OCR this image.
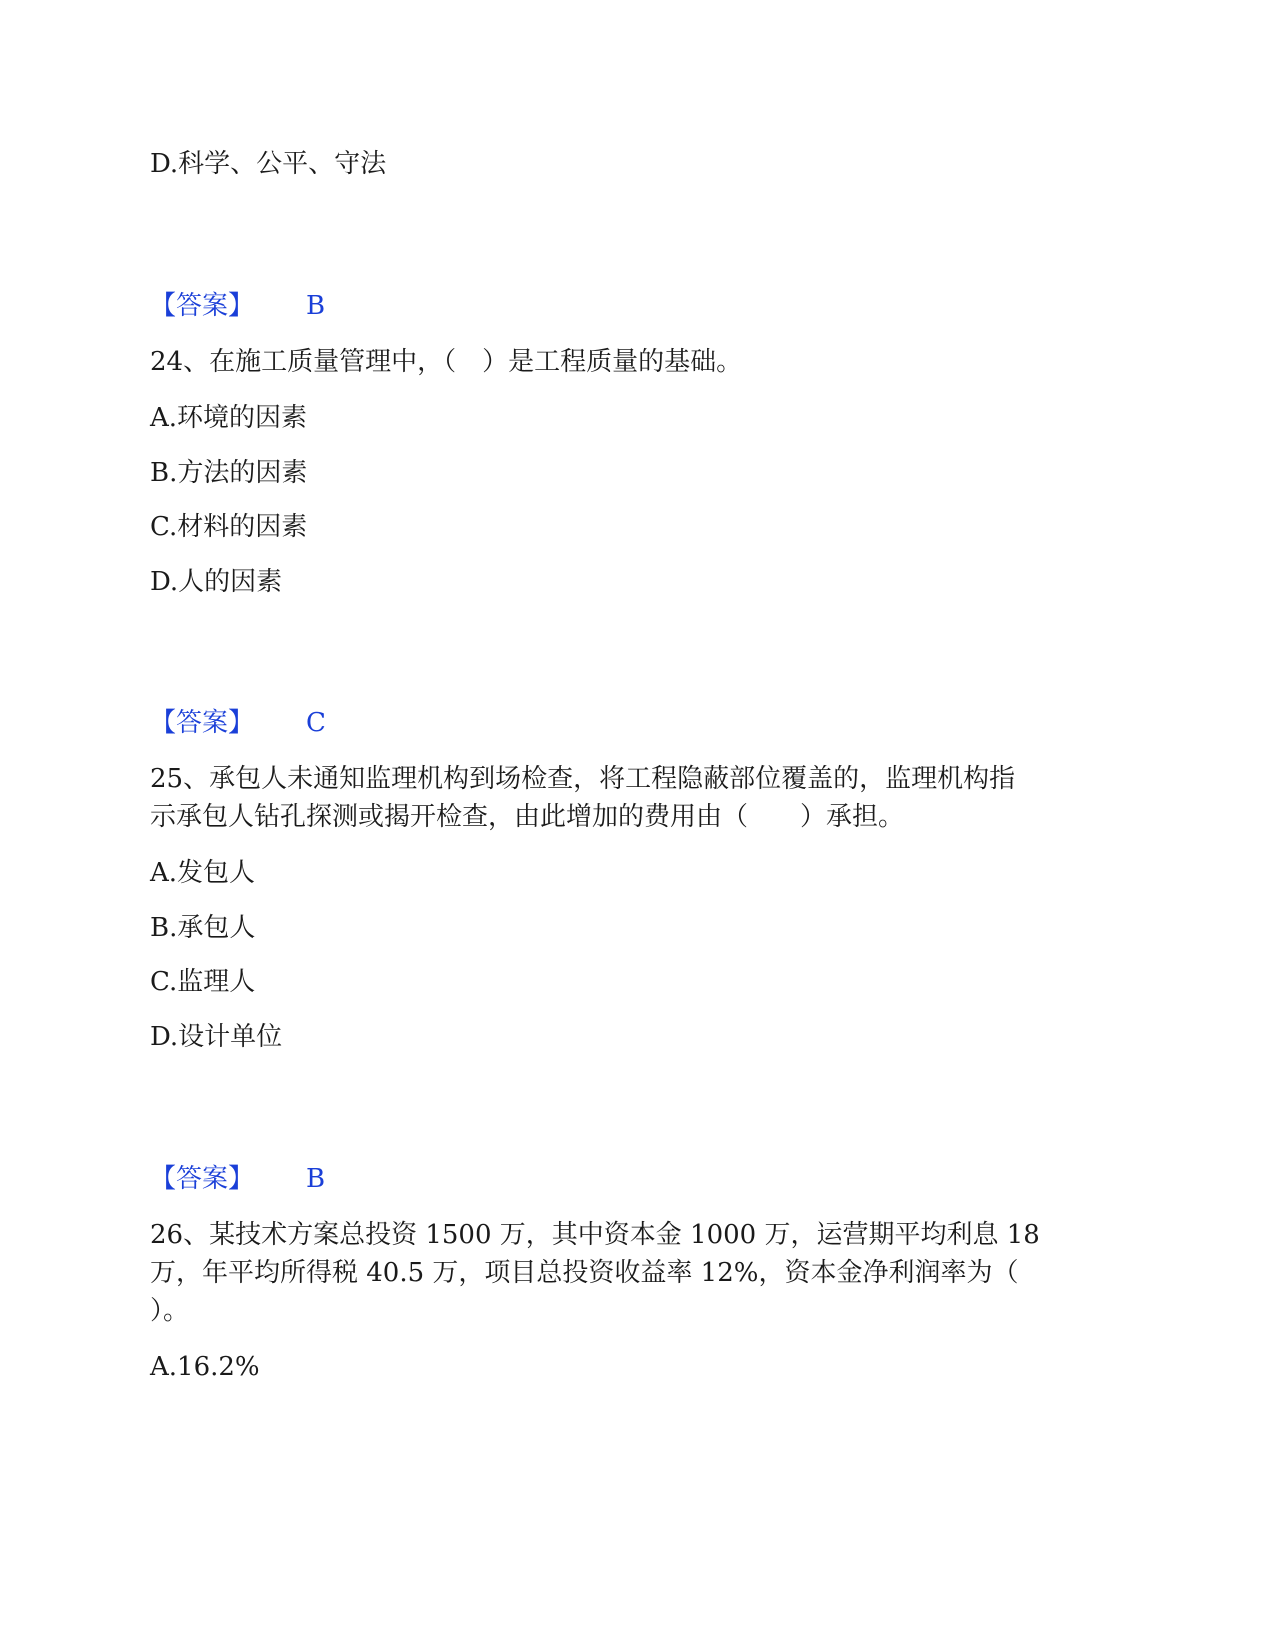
D.科学、公平、守法
【答案】 B
24、在施工质量管理中，（　）是工程质量的基础。
A.环境的因素
B.方法的因素
C.材料的因素
D.人的因素
【答案】 C
25、承包人未通知监理机构到场检查，将工程隐蔽部位覆盖的，监理机构指
示承包人钻孔探测或揭开检查，由此增加的费用由（　　）承担。
A.发包人
B.承包人
C.监理人
D.设计单位
【答案】 B
26、某技术方案总投资 1500 万，其中资本金 1000 万，运营期平均利息 18
万，年平均所得税 40.5 万，项目总投资收益率 12%，资本金净利润率为（
）。
A.16.2%
